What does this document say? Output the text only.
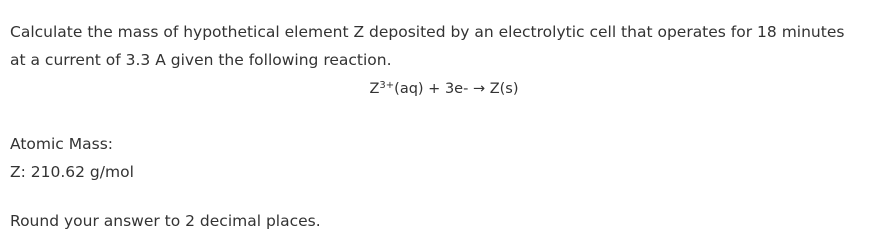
Calculate the mass of hypothetical element Z deposited by an electrolytic cell that operates for 18 minutes
at a current of 3.3 A given the following reaction.
$Z^{3+}(aq) + 3e- \to Z(s)$
Atomic Mass:
Z: 210.62 g/mol
Round your answer to 2 decimal places.
